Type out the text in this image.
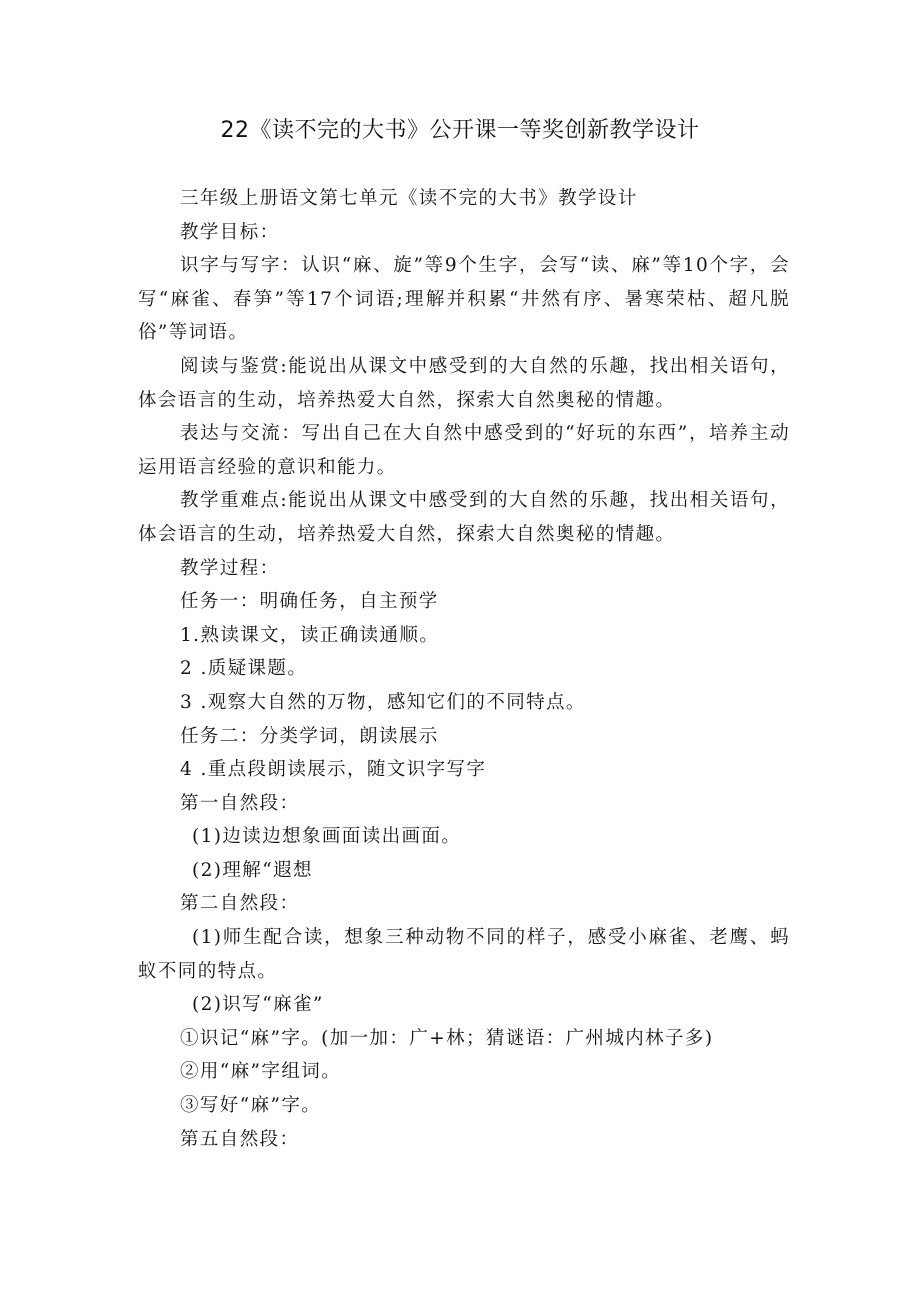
22《读不完的大书》公开课一等奖创新教学设计

三年级上册语文第七单元《读不完的大书》教学设计

教学目标：

识字与写字：认识“麻、旋”等9个生字，会写“读、麻”等10个字，会写“麻雀、春笋”等17个词语;理解并积累“井然有序、暑寒荣枯、超凡脱俗”等词语。

阅读与鉴赏:能说出从课文中感受到的大自然的乐趣，找出相关语句，体会语言的生动，培养热爱大自然，探索大自然奥秘的情趣。

表达与交流：写出自己在大自然中感受到的“好玩的东西”，培养主动运用语言经验的意识和能力。

教学重难点:能说出从课文中感受到的大自然的乐趣，找出相关语句，体会语言的生动，培养热爱大自然，探索大自然奥秘的情趣。

教学过程：

任务一：明确任务，自主预学

1.熟读课文，读正确读通顺。

2 .质疑课题。

3 .观察大自然的万物，感知它们的不同特点。

任务二：分类学词，朗读展示

4 .重点段朗读展示，随文识字写字

第一自然段：

(1)边读边想象画面读出画面。

(2)理解“遐想

第二自然段：

(1)师生配合读，想象三种动物不同的样子，感受小麻雀、老鹰、蚂蚁不同的特点。

(2)识写“麻雀”

①识记“麻”字。(加一加：广+林；猜谜语：广州城内林子多)

②用“麻”字组词。

③写好“麻”字。

第五自然段：
